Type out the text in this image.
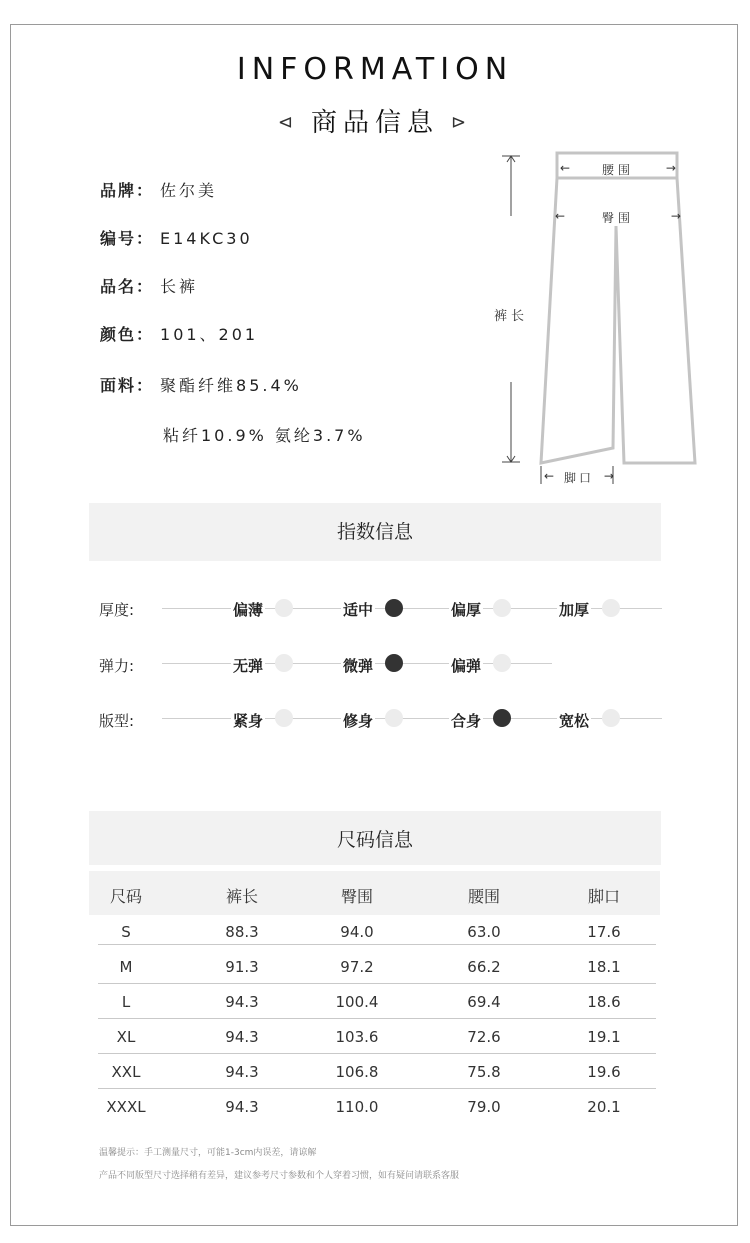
INFORMATION
⊲ 商品信息 ⊳
品牌： 佐尔美
编号： E14KC30
品名： 长裤
颜色： 101、201
面料： 聚酯纤维85.4%
粘纤10.9% 氨纶3.7%
←	腰围	→
←	臀围	→
裤长
← 脚口 →
指数信息
厚度:	偏薄	适中	偏厚	加厚
弹力:	无弹	微弹	偏弹
版型:	紧身	修身	合身	宽松
尺码信息
尺码	裤长	臀围	腰围	脚口
S	88.3	94.0	63.0	17.6
M	91.3	97.2	66.2	18.1
L	94.3	100.4	69.4	18.6
XL	94.3	103.6	72.6	19.1
XXL	94.3	106.8	75.8	19.6
XXXL	94.3	110.0	79.0	20.1
温馨提示：手工测量尺寸，可能1-3cm内误差，请谅解
产品不同版型尺寸选择稍有差异，建议参考尺寸参数和个人穿着习惯，如有疑问请联系客服
